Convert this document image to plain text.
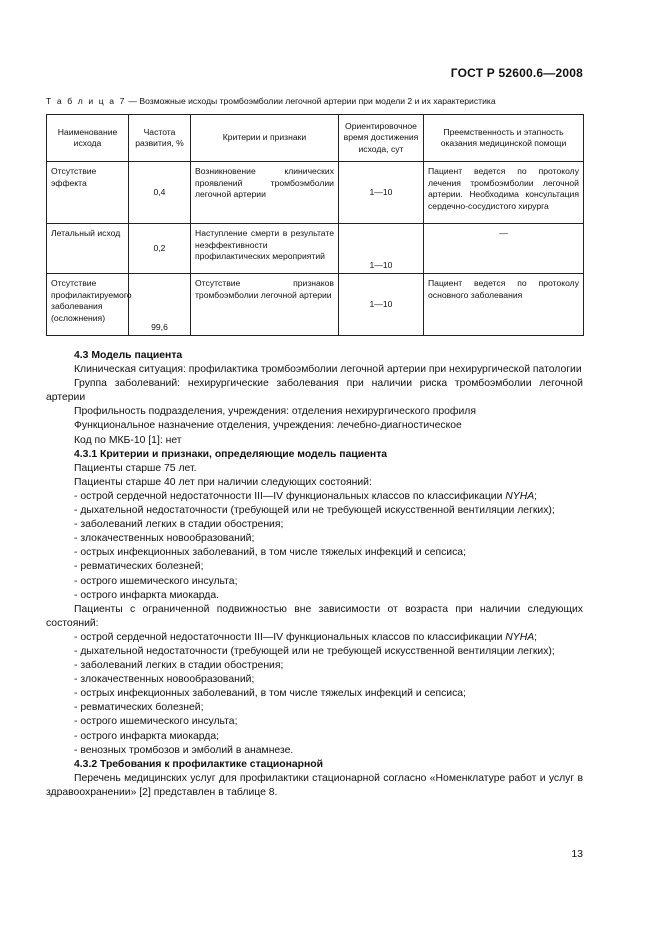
ГОСТ Р 52600.6—2008
Т а б л и ц а 7 — Возможные исходы тромбоэмболии легочной артерии при модели 2 и их характеристика
Наименование исхода	Частота развития, %	Критерии и признаки	Ориентировочное время достижения исхода, сут	Преемственность и этапность оказания медицинской помощи

Отсутствие эффекта	0,4	Возникновение клинических проявлений тромбоэмболии легочной артерии	1—10	Пациент ведется по протоколу лечения тромбоэмболии легочной артерии. Необходима консультация сердечно-сосудистого хирурга

Летальный исход	0,2	Наступление смерти в результате неэффективности профилактических мероприятий	1—10	—

Отсутствие профилактируемого заболевания (осложнения)	99,6	Отсутствие признаков тромбоэмболии легочной артерии	1—10	Пациент ведется по протоколу основного заболевания

4.3 Модель пациента

Клиническая ситуация: профилактика тромбоэмболии легочной артерии при нехирургической патологии

Группа заболеваний: нехирургические заболевания при наличии риска тромбоэмболии легочной артерии

Профильность подразделения, учреждения: отделения нехирургического профиля

Функциональное назначение отделения, учреждения: лечебно-диагностическое

Код по МКБ-10 [1]: нет

4.3.1 Критерии и признаки, определяющие модель пациента

Пациенты старше 75 лет.

Пациенты старше 40 лет при наличии следующих состояний:

- острой сердечной недостаточности III—IV функциональных классов по классификации NYHA;

- дыхательной недостаточности (требующей или не требующей искусственной вентиляции легких);

- заболеваний легких в стадии обострения;

- злокачественных новообразований;

- острых инфекционных заболеваний, в том числе тяжелых инфекций и сепсиса;

- ревматических болезней;

- острого ишемического инсульта;

- острого инфаркта миокарда.

Пациенты с ограниченной подвижностью вне зависимости от возраста при наличии следующих состояний:

- острой сердечной недостаточности III—IV функциональных классов по классификации NYHA;

- дыхательной недостаточности (требующей или не требующей искусственной вентиляции легких);

- заболеваний легких в стадии обострения;

- злокачественных новообразований;

- острых инфекционных заболеваний, в том числе тяжелых инфекций и сепсиса;

- ревматических болезней;

- острого ишемического инсульта;

- острого инфаркта миокарда;

- венозных тромбозов и эмболий в анамнезе.

4.3.2 Требования к профилактике стационарной

Перечень медицинских услуг для профилактики стационарной согласно «Номенклатуре работ и услуг в здравоохранении» [2] представлен в таблице 8.

13
